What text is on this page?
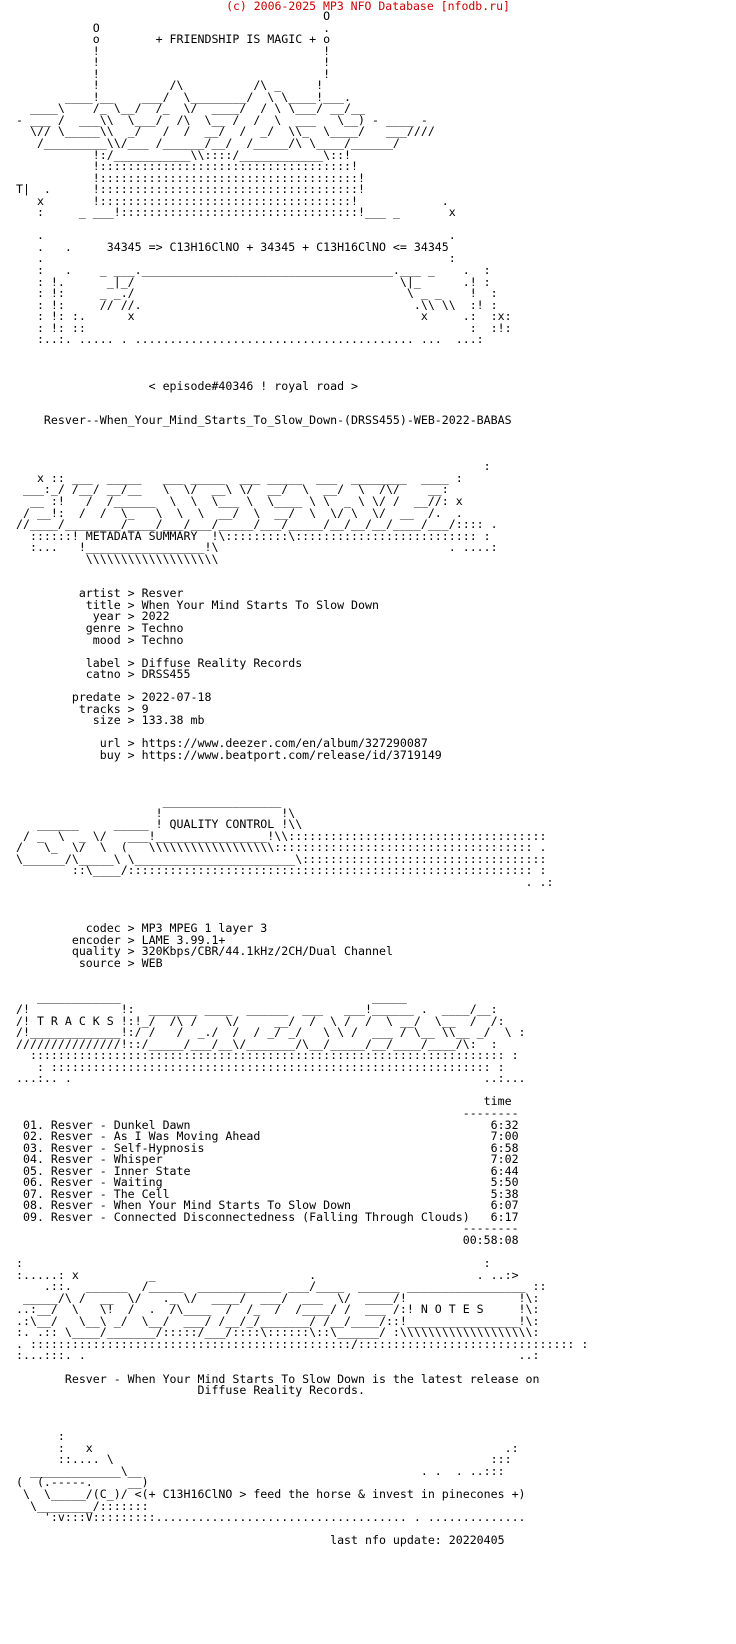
(c) 2006-2025 MP3 NFO Database [nfodb.ru]
O
O                                .
o        + FRIENDSHIP IS MAGIC + o
!                                !
!                                !
!                                !
!          /\          /\ _     !
____!__    ___/  \________/  \ \____!___.
____\    /_ \__/  /_  \/  ____/  / \ \___/ __/__
- ___ /  ___\\  \___/  /\  \__ /  /  \  ___   \__) - ____ -
\// \_____\\  _/   /  /  __/  /  _/  \\_  \____/   ___////
/_________\\/___ /______/__/  /_____/\ \____/______/
!:/___________\\::::/____________\::!
!::::::::::::::::::::::::::::::::::::!
!:::::::::::::::::::::::::::::::::::::!
T|  .      !:::::::::::::::::::::::::::::::::::::!
x       !::::::::::::::::::::::::::::::::::::!            .
:     _ ___!::::::::::::::::::::::::::::::::::!___ _       x

.                                                          .
.   .     34345 => C13H16ClNO + 34345 + C13H16ClNO <= 34345
.                                                          :
:   .    _ ___.____________________________________.___ _    .  :
: !.      _|_/                                      \|_      .! :
: !:     _ _./                                       \ _ _    !  :
: !:     // //.                                       .\\ \\  :! :
: !: :.      x                                         x     .:  :x:
: !: ::                                                       :  :!:
:..:. ..... . ........................................ ...  ...:

< episode#40346 ! royal road >

Resver--When_Your_Mind_Starts_To_Slow_Down-(DRSS455)-WEB-2022-BABAS

:
x :: ___  _____   ___ _____  ___ _____  ___  ________  ____ :
___:_/ /__/ __/__   \  \/  __\ \/  __/  \  __/  \  /\/    __:
__ :!   /  /______  \  \  \___ \  \____ \ \  _ \ \/ /  __//: x
/ __!:  /  /  \_   \  \  \  __/  \  __/  \  \/ \  \/  __  /.  .
//____/________/____/___/___/_____/___/_____/__/__/__/____/___/:::: .
::::::! METADATA SUMMARY  !\:::::::::\:::::::::::::::::::::::::: :
:...   !_________________!\                                 . ....:
\\\\\\\\\\\\\\\\\\\

artist > Resver
title > When Your Mind Starts To Slow Down
year > 2022
genre > Techno
mood > Techno

label > Diffuse Reality Records
catno > DRSS455

predate > 2022-07-18
tracks > 9
size > 133.38 mb

url > https://www.deezer.com/en/album/327290087
buy > https://www.beatport.com/release/id/3719149

_________________
!                 !\
______     _____ ! QUALITY CONTROL !\\
/ _  \  _ \/   ___!________________!\\:::::::::::::::::::::::::::::::::::::
/   \_  \/  \  (   \\\\\\\\\\\\\\\\\\::::::::::::::::::::::::::::::::::::: .
\______/\_____\ \_______________________\:::::::::::::::::::::::::::::::::::
::\____/:::::::::::::::::::::::::::::::::::::::::::::::::::::::::: :
. .:

codec > MP3 MPEG 1 layer 3
encoder > LAME 3.99.1+
quality > 320Kbps/CBR/44.1kHz/2CH/Dual Channel
source > WEB

____________                                    _____
/!             !:  _______ ____  ______  ___   ___!______ .  ____/__:
/! T R A C K S !:!_/  /\ /    \/     __/  /  \ /  /  \ __/  \__  /  /:
/!_____________!:/ /   /  _./  /  / _/ _/   \ \ /  ___ / \__ \\__ _/  \ :
///////////////!::/_____/___/__\/_______/\__/_____/__/____/____/\:  :
:::::::::::::::::::::::::::::::::::::::::::::::::::::::::::::::::::: :
: ::::::::::::::::::::::::::::::::::::::::::::::::::::::::::::::: :
...:.. .                                                           ..:...

time
--------
01. Resver - Dunkel Dawn                                           6:32
02. Resver - As I Was Moving Ahead                                 7:00
03. Resver - Self-Hypnosis                                         6:58
04. Resver - Whisper                                               7:02
05. Resver - Inner State                                           6:44
06. Resver - Waiting                                               5:50
07. Resver - The Cell                                              5:38
08. Resver - When Your Mind Starts To Slow Down                    6:07
09. Resver - Connected Disconnectedness (Falling Through Clouds)   6:17
--------
00:58:08

:                                                                  :
:.....: x          _                      .                       . ..:>
.::.  ______  /_____  ____________ ___/____  ______ _________________ ::
_____/\ /  __  \/   ._ \/  ____/  ___/  ___  \/  ____/!                !\:
..:__/  \   \!  /  .  /\____  /  /_  /  /____/ /  ___ /:! N O T E S     !\:
.:\__/   \__\ _/  \__/  ___/ /__/_/_______/ /__/____/::!________________!\:
:. .:: \____/_______/:::::/___/::::\::::::\::\______/ :\\\\\\\\\\\\\\\\\\\:
. ::::::::::::::::::::::::::::::::::::::::::::::/::::::::::::::::::::::::::::::: :
:...:::. .                                                              ..:

Resver - When Your Mind Starts To Slow Down is the latest release on
Diffuse Reality Records.

:
:   x                                                           .:
::.... \                                                      :::
_____________\__                                        . .  . ..:::
(  (.-----.     __)
\  \_____/(C_)/ <(+ C13H16ClNO > feed the horse & invest in pinecones +)
\________/:::::::
':v:::V:::::::::.................................... . ..............

last nfo update: 20220405
